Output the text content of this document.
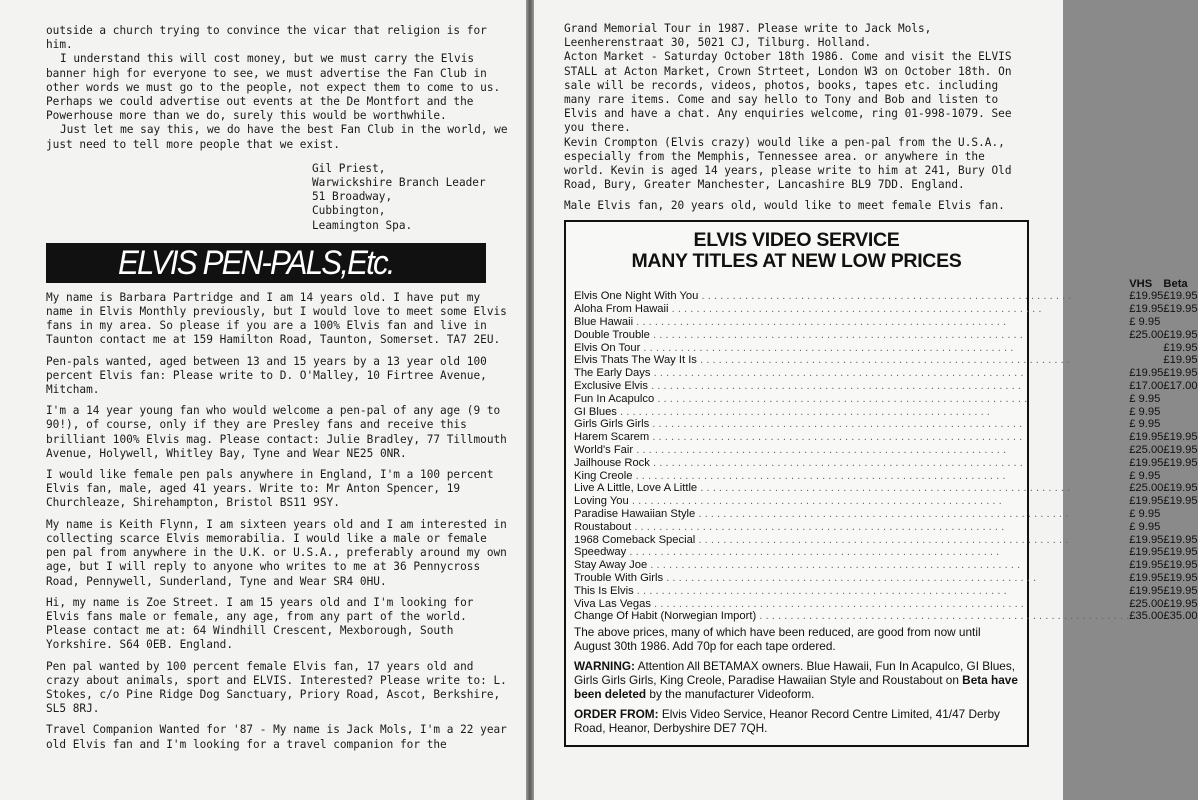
outside a church trying to convince the vicar that religion is for him.

I understand this will cost money, but we must carry the Elvis banner high for everyone to see, we must advertise the Fan Club in other words we must go to the people, not expect them to come to us. Perhaps we could advertise out events at the De Montfort and the Powerhouse more than we do, surely this would be worthwhile.

Just let me say this, we do have the best Fan Club in the world, we just need to tell more people that we exist.

Gil Priest,
Warwickshire Branch Leader
51 Broadway,
Cubbington,
Leamington Spa.
ELVIS PEN-PALS,Etc.

My name is Barbara Partridge and I am 14 years old. I have put my name in Elvis Monthly previously, but I would love to meet some Elvis fans in my area. So please if you are a 100% Elvis fan and live in Taunton contact me at 159 Hamilton Road, Taunton, Somerset. TA7 2EU.

Pen-pals wanted, aged between 13 and 15 years by a 13 year old 100 percent Elvis fan: Please write to D. O'Malley, 10 Firtree Avenue, Mitcham.

I'm a 14 year young fan who would welcome a pen-pal of any age (9 to 90!), of course, only if they are Presley fans and receive this brilliant 100% Elvis mag. Please contact: Julie Bradley, 77 Tillmouth Avenue, Holywell, Whitley Bay, Tyne and Wear NE25 0NR.

I would like female pen pals anywhere in England, I'm a 100 percent Elvis fan, male, aged 41 years. Write to: Mr Anton Spencer, 19 Churchleaze, Shirehampton, Bristol BS11 9SY.

My name is Keith Flynn, I am sixteen years old and I am interested in collecting scarce Elvis memorabilia. I would like a male or female pen pal from anywhere in the U.K. or U.S.A., preferably around my own age, but I will reply to anyone who writes to me at 36 Pennycross Road, Pennywell, Sunderland, Tyne and Wear SR4 0HU.

Hi, my name is Zoe Street. I am 15 years old and I'm looking for Elvis fans male or female, any age, from any part of the world. Please contact me at: 64 Windhill Crescent, Mexborough, South Yorkshire. S64 0EB. England.

Pen pal wanted by 100 percent female Elvis fan, 17 years old and crazy about animals, sport and ELVIS. Interested? Please write to: L. Stokes, c/o Pine Ridge Dog Sanctuary, Priory Road, Ascot, Berkshire, SL5 8RJ.

Travel Companion Wanted for '87 - My name is Jack Mols, I'm a 22 year old Elvis fan and I'm looking for a travel companion for the

Grand Memorial Tour in 1987. Please write to Jack Mols, Leenherenstraat 30, 5021 CJ, Tilburg. Holland.

Acton Market - Saturday October 18th 1986. Come and visit the ELVIS STALL at Acton Market, Crown Strteet, London W3 on October 18th. On sale will be records, videos, photos, books, tapes etc. including many rare items. Come and say hello to Tony and Bob and listen to Elvis and have a chat. Any enquiries welcome, ring 01-998-1079. See you there.

Kevin Crompton (Elvis crazy) would like a pen-pal from the U.S.A., especially from the Memphis, Tennessee area. or anywhere in the world. Kevin is aged 14 years, please write to him at 241, Bury Old Road, Bury, Greater Manchester, Lancashire BL9 7DD. England.

Male Elvis fan, 20 years old, would like to meet female Elvis fan.

ELVIS VIDEO SERVICE
MANY TITLES AT NEW LOW PRICES
	VHS	Beta
Elvis One Night With You . . . . . . . . . . . . . . . . . . . . . . . . . . . . . . . . . . . . . . . . . . . . . . . . . . . . . . . . . . . .	£19.95	£19.95
Aloha From Hawaii . . . . . . . . . . . . . . . . . . . . . . . . . . . . . . . . . . . . . . . . . . . . . . . . . . . . . . . . . . . .	£19.95	£19.95
Blue Hawaii . . . . . . . . . . . . . . . . . . . . . . . . . . . . . . . . . . . . . . . . . . . . . . . . . . . . . . . . . . . .	£ 9.95	
Double Trouble . . . . . . . . . . . . . . . . . . . . . . . . . . . . . . . . . . . . . . . . . . . . . . . . . . . . . . . . . . . .	£25.00	£19.95
Elvis On Tour . . . . . . . . . . . . . . . . . . . . . . . . . . . . . . . . . . . . . . . . . . . . . . . . . . . . . . . . . . . .		£19.95
Elvis Thats The Way It Is . . . . . . . . . . . . . . . . . . . . . . . . . . . . . . . . . . . . . . . . . . . . . . . . . . . . . . . . . . . .		£19.95
The Early Days . . . . . . . . . . . . . . . . . . . . . . . . . . . . . . . . . . . . . . . . . . . . . . . . . . . . . . . . . . . .	£19.95	£19.95
Exclusive Elvis . . . . . . . . . . . . . . . . . . . . . . . . . . . . . . . . . . . . . . . . . . . . . . . . . . . . . . . . . . . .	£17.00	£17.00
Fun In Acapulco . . . . . . . . . . . . . . . . . . . . . . . . . . . . . . . . . . . . . . . . . . . . . . . . . . . . . . . . . . . .	£ 9.95	
GI Blues . . . . . . . . . . . . . . . . . . . . . . . . . . . . . . . . . . . . . . . . . . . . . . . . . . . . . . . . . . . .	£ 9.95	
Girls Girls Girls . . . . . . . . . . . . . . . . . . . . . . . . . . . . . . . . . . . . . . . . . . . . . . . . . . . . . . . . . . . .	£ 9.95	
Harem Scarem . . . . . . . . . . . . . . . . . . . . . . . . . . . . . . . . . . . . . . . . . . . . . . . . . . . . . . . . . . . .	£19.95	£19.95
World's Fair . . . . . . . . . . . . . . . . . . . . . . . . . . . . . . . . . . . . . . . . . . . . . . . . . . . . . . . . . . . .	£25.00	£19.95
Jailhouse Rock . . . . . . . . . . . . . . . . . . . . . . . . . . . . . . . . . . . . . . . . . . . . . . . . . . . . . . . . . . . .	£19.95	£19.95
King Creole . . . . . . . . . . . . . . . . . . . . . . . . . . . . . . . . . . . . . . . . . . . . . . . . . . . . . . . . . . . .	£ 9.95	
Live A Little, Love A Little . . . . . . . . . . . . . . . . . . . . . . . . . . . . . . . . . . . . . . . . . . . . . . . . . . . . . . . . . . . .	£25.00	£19.95
Loving You . . . . . . . . . . . . . . . . . . . . . . . . . . . . . . . . . . . . . . . . . . . . . . . . . . . . . . . . . . . .	£19.95	£19.95
Paradise Hawaiian Style . . . . . . . . . . . . . . . . . . . . . . . . . . . . . . . . . . . . . . . . . . . . . . . . . . . . . . . . . . . .	£ 9.95	
Roustabout . . . . . . . . . . . . . . . . . . . . . . . . . . . . . . . . . . . . . . . . . . . . . . . . . . . . . . . . . . . .	£ 9.95	
1968 Comeback Special . . . . . . . . . . . . . . . . . . . . . . . . . . . . . . . . . . . . . . . . . . . . . . . . . . . . . . . . . . . .	£19.95	£19.95
Speedway . . . . . . . . . . . . . . . . . . . . . . . . . . . . . . . . . . . . . . . . . . . . . . . . . . . . . . . . . . . .	£19.95	£19.95
Stay Away Joe . . . . . . . . . . . . . . . . . . . . . . . . . . . . . . . . . . . . . . . . . . . . . . . . . . . . . . . . . . . .	£19.95	£19.95
Trouble With Girls . . . . . . . . . . . . . . . . . . . . . . . . . . . . . . . . . . . . . . . . . . . . . . . . . . . . . . . . . . . .	£19.95	£19.95
This Is Elvis . . . . . . . . . . . . . . . . . . . . . . . . . . . . . . . . . . . . . . . . . . . . . . . . . . . . . . . . . . . .	£19.95	£19.95
Viva Las Vegas . . . . . . . . . . . . . . . . . . . . . . . . . . . . . . . . . . . . . . . . . . . . . . . . . . . . . . . . . . . .	£25.00	£19.95
Change Of Habit (Norwegian Import) . . . . . . . . . . . . . . . . . . . . . . . . . . . . . . . . . . . . . . . . . . . . . . . . . . . . . . . . . . . .	£35.00	£35.00

The above prices, many of which have been reduced, are good from now until August 30th 1986. Add 70p for each tape ordered.

WARNING: Attention All BETAMAX owners. Blue Hawaii, Fun In Acapulco, GI Blues, Girls Girls Girls, King Creole, Paradise Hawaiian Style and Roustabout on Beta have been deleted by the manufacturer Videoform.

ORDER FROM: Elvis Video Service, Heanor Record Centre Limited, 41/47 Derby Road, Heanor, Derbyshire DE7 7QH.
